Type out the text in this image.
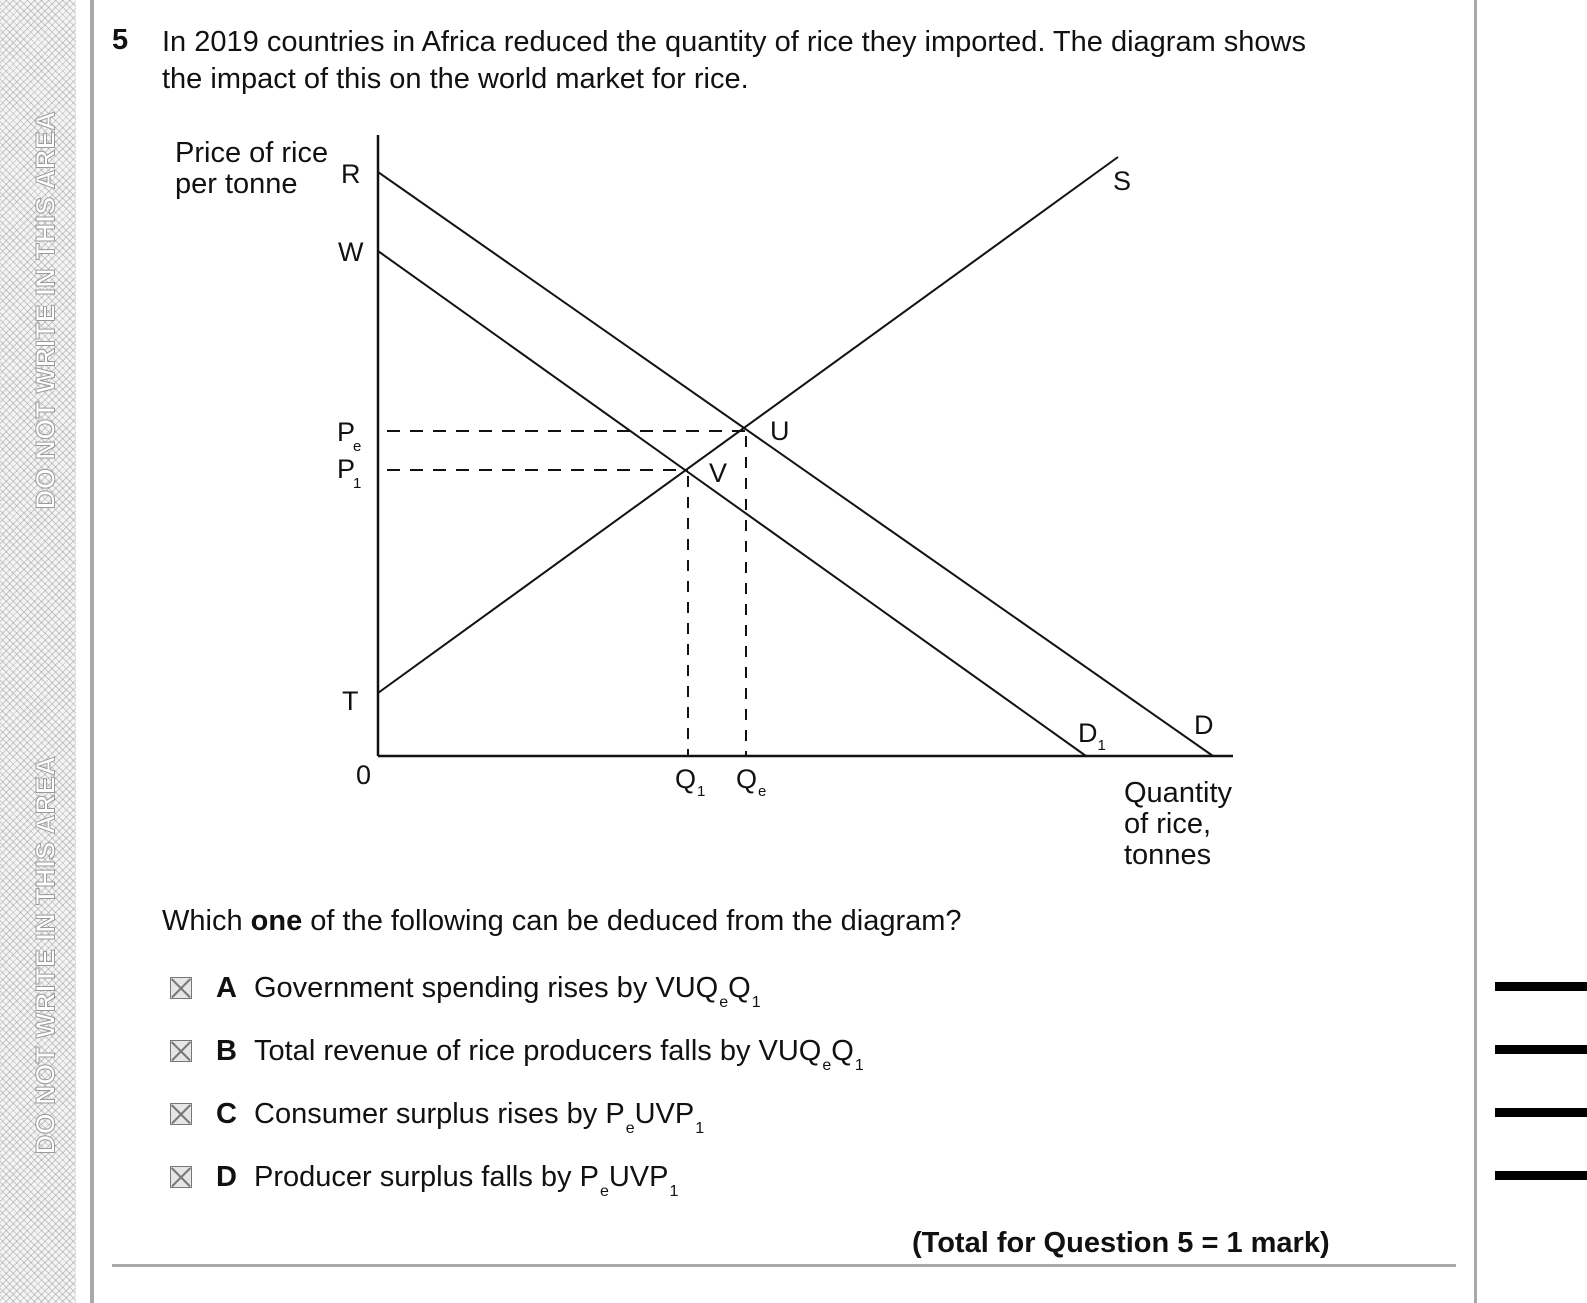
DO NOT WRITE IN THIS AREA
DO NOT WRITE IN THIS AREA
5 In 2019 countries in Africa reduced the quantity of rice they imported. The diagram shows the impact of this on the world market for rice.
Price of rice
per tonne
Quantity
of rice,
tonnes
0
R
W
T
U
V
Pe
P1
$Q_1$ $Q_e$
S
D
$D_1$
Which one of the following can be deduced from the diagram?
A Government spending rises by $VUQ_eQ_1$
B Total revenue of rice producers falls by $VUQ_eQ_1$
C Consumer surplus rises by $P_eUVP_1$
D Producer surplus falls by $P_eUVP_1$
(Total for Question 5 = 1 mark)
